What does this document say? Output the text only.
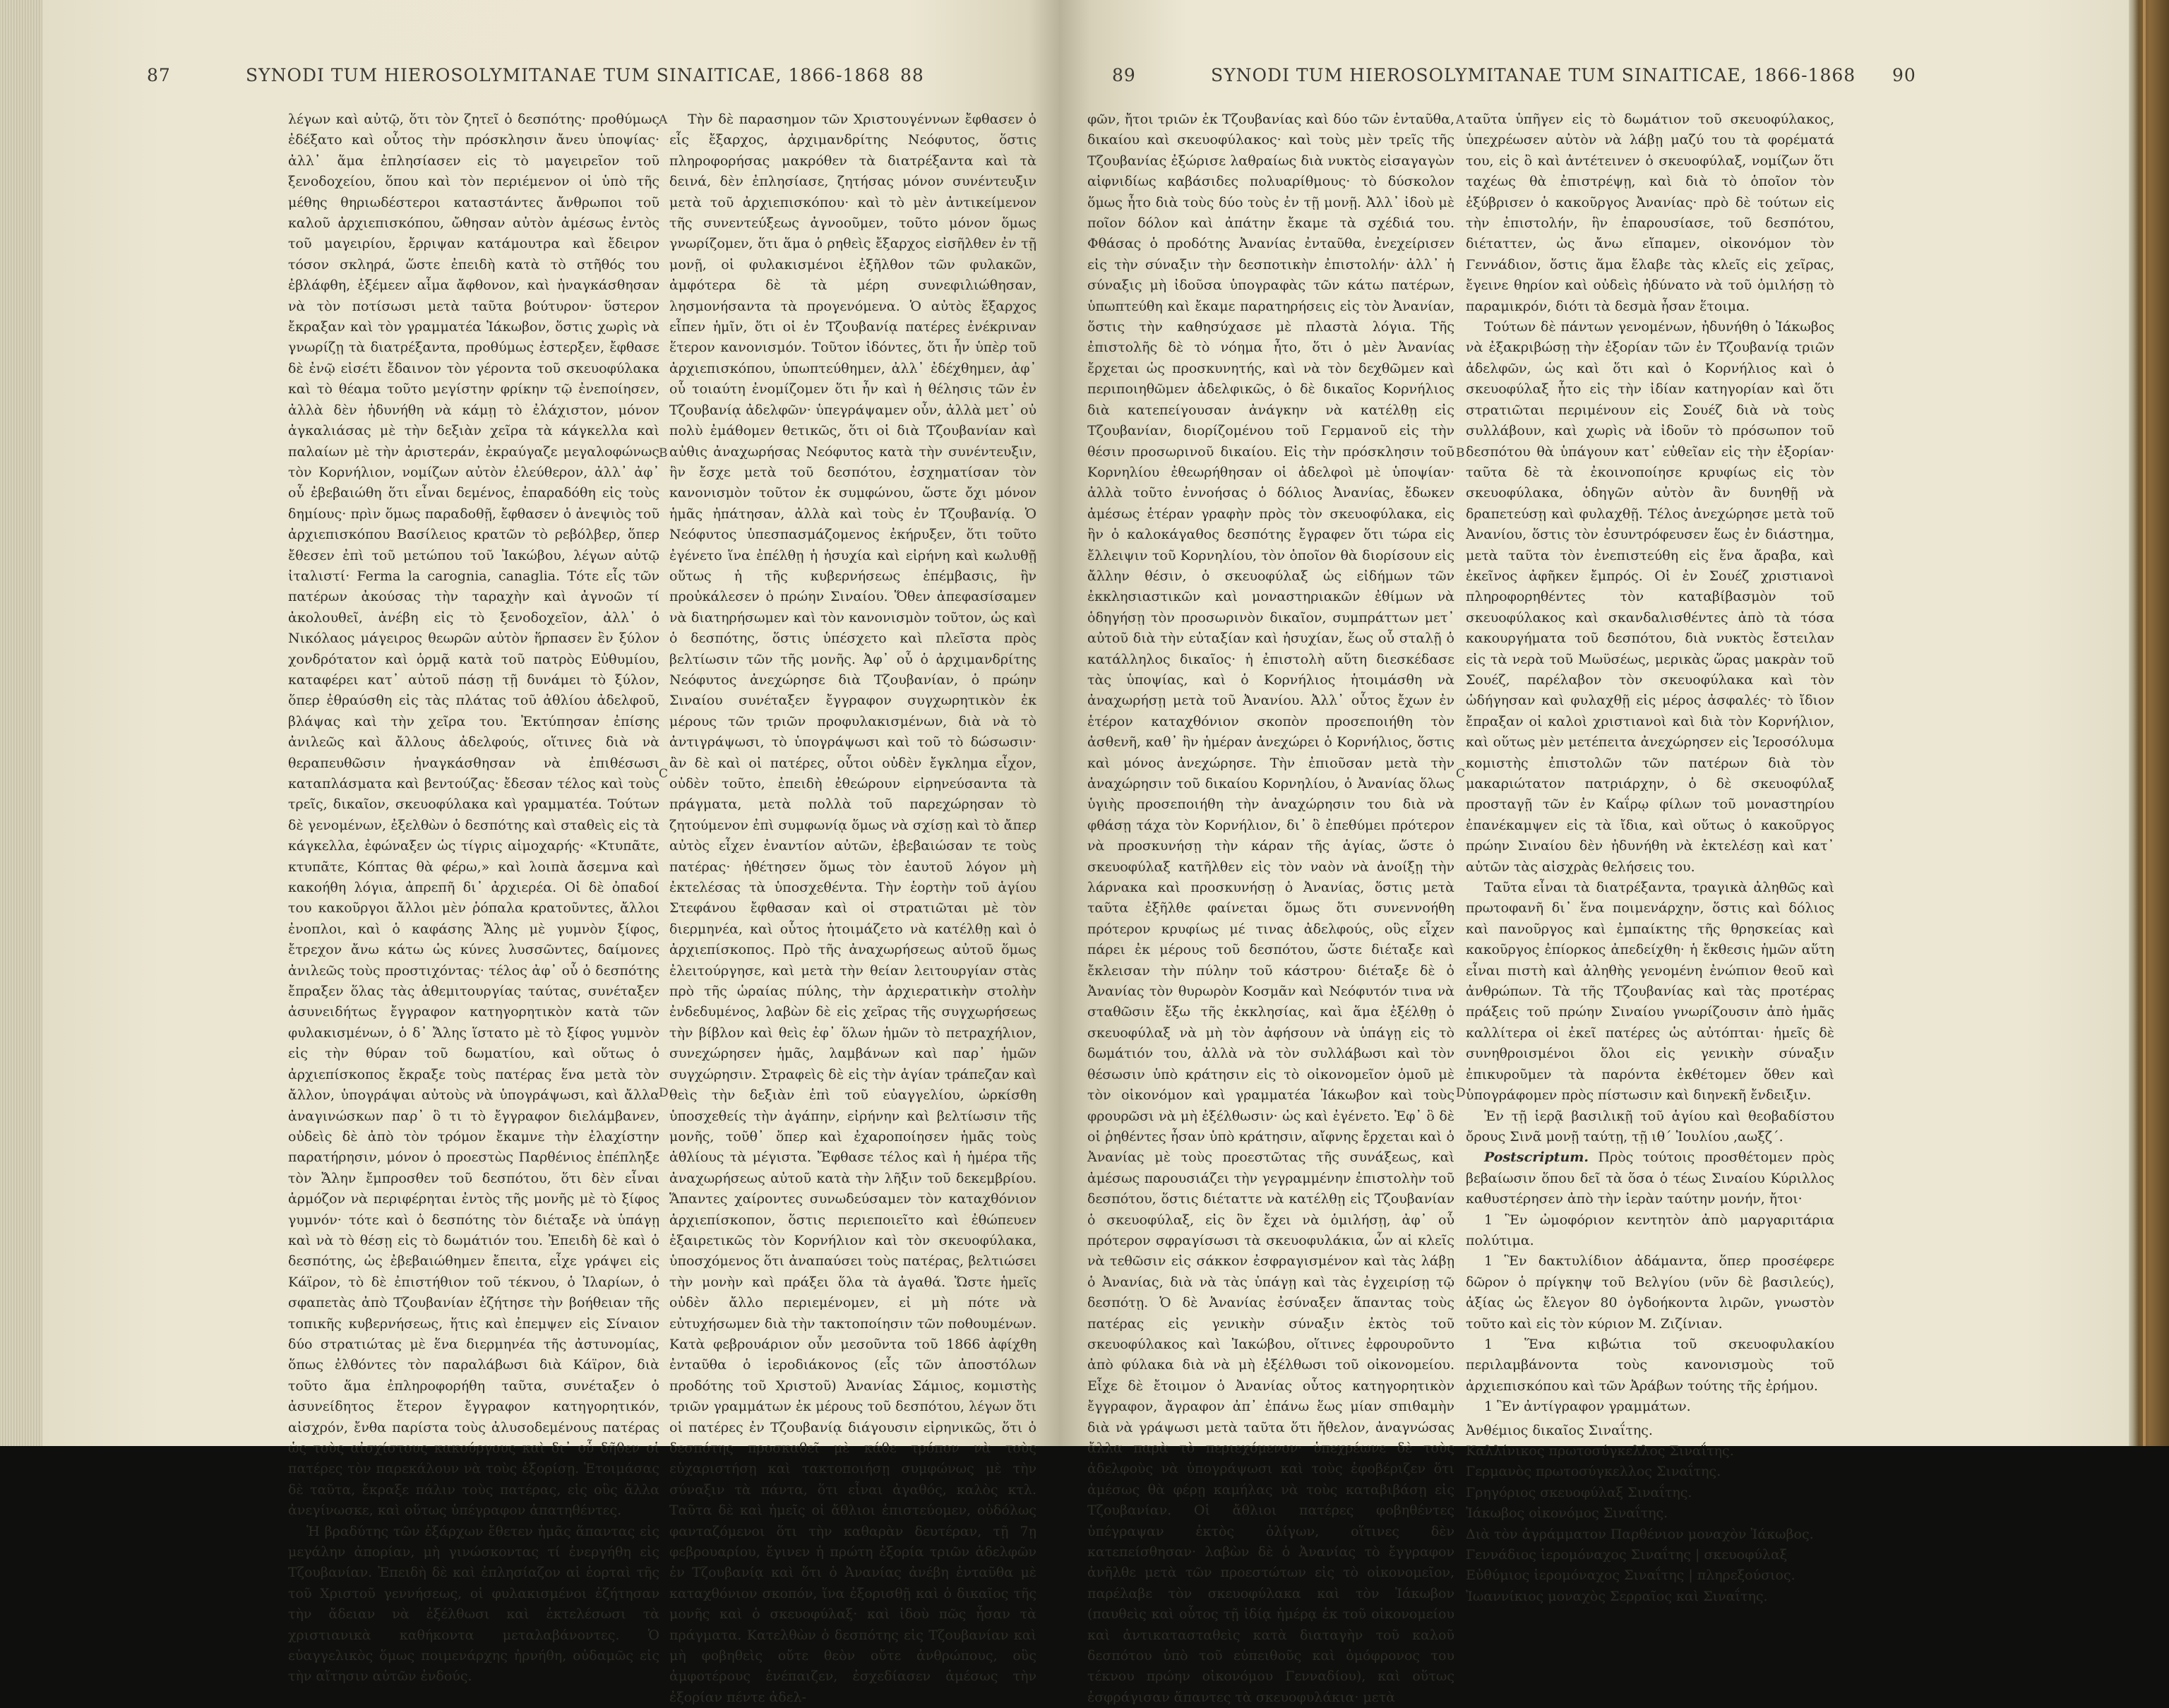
87	SYNODI TUM HIEROSOLYMITANAE TUM SINAITICAE, 1866-1868 88

λέγων καὶ αὐτῷ, ὅτι τὸν ζητεῖ ὁ δεσπότης· προθύμως ἐδέξατο καὶ οὗτος τὴν πρόσκλησιν ἄνευ ὑποψίας· ἀλλ᾽ ἅμα ἐπλησίασεν εἰς τὸ μαγειρεῖον τοῦ ξενοδοχείου, ὅπου καὶ τὸν περιέμενον οἱ ὑπὸ τῆς μέθης θηριωδέστεροι καταστάντες ἄνθρωποι τοῦ καλοῦ ἀρχιεπισκόπου, ὤθησαν αὐτὸν ἀμέσως ἐντὸς τοῦ μαγειρίου, ἔρριψαν κατάμουτρα καὶ ἔδειρον τόσον σκληρά, ὥστε ἐπειδὴ κατὰ τὸ στῆθός του ἐβλάφθη, ἐξέμεεν αἷμα ἄφθονον, καὶ ἠναγκάσθησαν νὰ τὸν ποτίσωσι μετὰ ταῦτα βούτυρον· ὕστερον ἔκραξαν καὶ τὸν γραμματέα Ἰάκωβον, ὅστις χωρὶς νὰ γνωρίζῃ τὰ διατρέξαντα, προθύμως ἐστερξεν, ἔφθασε δὲ ἐνῷ εἰσέτι ἔδαινον τὸν γέροντα τοῦ σκευοφύλακα καὶ τὸ θέαμα τοῦτο μεγίστην φρίκην τῷ ἐνεποίησεν, ἀλλὰ δὲν ἠδυνήθη νὰ κάμῃ τὸ ἐλάχιστον, μόνον ἀγκαλιάσας μὲ τὴν δεξιὰν χεῖρα τὰ κάγκελλα καὶ παλαίων μὲ τὴν ἀριστεράν, ἐκραύγαζε μεγαλοφώνως τὸν Κορνήλιον, νομίζων αὐτὸν ἐλεύθερον, ἀλλ᾽ ἀφ᾽ οὗ ἐβεβαιώθη ὅτι εἶναι δεμένος, ἐπαραδόθη εἰς τοὺς δημίους· πρὶν ὅμως παραδοθῇ, ἔφθασεν ὁ ἀνεψιὸς τοῦ ἀρχιεπισκόπου Βασίλειος κρατῶν τὸ ρεβόλβερ, ὅπερ ἔθεσεν ἐπὶ τοῦ μετώπου τοῦ Ἰακώβου, λέγων αὐτῷ ἰταλιστί· Ferma la carognia, canaglia. Τότε εἷς τῶν πατέρων ἀκούσας τὴν ταραχὴν καὶ ἀγνοῶν τί ἀκολουθεῖ, ἀνέβη εἰς τὸ ξενοδοχεῖον, ἀλλ᾽ ὁ Νικόλαος μάγειρος θεωρῶν αὐτὸν ἥρπασεν ἓν ξύλον χονδρότατον καὶ ὁρμᾷ κατὰ τοῦ πατρὸς Εὐθυμίου, καταφέρει κατ᾽ αὐτοῦ πάσῃ τῇ δυνάμει τὸ ξύλον, ὅπερ ἐθραύσθη εἰς τὰς πλάτας τοῦ ἀθλίου ἀδελφοῦ, βλάψας καὶ τὴν χεῖρα του. Ἐκτύπησαν ἐπίσης ἀνιλεῶς καὶ ἄλλους ἀδελφούς, οἵτινες διὰ νὰ θεραπευθῶσιν ἠναγκάσθησαν νὰ ἐπιθέσωσι καταπλάσματα καὶ βεντούζας· ἔδεσαν τέλος καὶ τοὺς τρεῖς, δικαῖον, σκευοφύλακα καὶ γραμματέα. Τούτων δὲ γενομένων, ἐξελθὼν ὁ δεσπότης καὶ σταθεὶς εἰς τὰ κάγκελλα, ἐφώναξεν ὡς τίγρις αἱμοχαρής· «Κτυπᾶτε, κτυπᾶτε, Κόπτας θὰ φέρω,» καὶ λοιπὰ ἄσεμνα καὶ κακοήθη λόγια, ἀπρεπῆ δι᾽ ἀρχιερέα. Οἱ δὲ ὀπαδοί του κακοῦργοι ἄλλοι μὲν ῥόπαλα κρατοῦντες, ἄλλοι ἐνοπλοι, καὶ ὁ καφάσης Ἄλης μὲ γυμνὸν ξίφος, ἔτρεχον ἄνω κάτω ὡς κύνες λυσσῶντες, δαίμονες ἀνιλεῶς τοὺς προστιχόντας· τέλος ἀφ᾽ οὗ ὁ δεσπότης ἔπραξεν ὅλας τὰς ἀθεμιτουργίας ταύτας, συνέταξεν ἀσυνειδήτως ἔγγραφον κατηγορητικὸν κατὰ τῶν φυλακισμένων, ὁ δ᾽ Ἄλης ἵστατο μὲ τὸ ξίφος γυμνὸν εἰς τὴν θύραν τοῦ δωματίου, καὶ οὕτως ὁ ἀρχιεπίσκοπος ἔκραξε τοὺς πατέρας ἕνα μετὰ τὸν ἄλλον, ὑπογράψαι αὐτοὺς νὰ ὑπογράψωσι, καὶ ἄλλα ἀναγινώσκων παρ᾽ ὃ τι τὸ ἔγγραφον διελάμβανεν, οὐδεὶς δὲ ἀπὸ τὸν τρόμον ἔκαμνε τὴν ἐλαχίστην παρατήρησιν, μόνον ὁ προεστὼς Παρθένιος ἐπέπληξε τὸν Ἄλην ἔμπροσθεν τοῦ δεσπότου, ὅτι δὲν εἶναι ἁρμόζον νὰ περιφέρηται ἐντὸς τῆς μονῆς μὲ τὸ ξίφος γυμνόν· τότε καὶ ὁ δεσπότης τὸν διέταξε νὰ ὑπάγῃ καὶ νὰ τὸ θέσῃ εἰς τὸ δωμάτιόν του. Ἐπειδὴ δὲ καὶ ὁ δεσπότης, ὡς ἐβεβαιώθημεν ἔπειτα, εἶχε γράψει εἰς Κάϊρον, τὸ δὲ ἐπιστήθιον τοῦ τέκνου, ὁ Ἰλαρίων, ὁ σφαπετὰς ἀπὸ Τζουβανίαν ἐζήτησε τὴν βοήθειαν τῆς τοπικῆς κυβερνήσεως, ἥτις καὶ ἐπεμψεν εἰς Σίναιον δύο στρατιώτας μὲ ἕνα διερμηνέα τῆς ἀστυνομίας, ὅπως ἐλθόντες τὸν παραλάβωσι διὰ Κάϊρον, διὰ τοῦτο ἅμα ἐπληροφορήθη ταῦτα, συνέταξεν ὁ ἀσυνείδητος ἕτερον ἔγγραφον κατηγορητικόν, αἰσχρόν, ἔνθα παρίστα τοὺς ἀλυσοδεμένους πατέρας ὡς τοὺς αἰσχίστους κακούργους καὶ δι᾽ οὗ δῆθεν οἱ πατέρες τὸν παρεκάλουν νὰ τοὺς ἐξορίσῃ. Ἑτοιμάσας δὲ ταῦτα, ἔκραξε πάλιν τοὺς πατέρας, εἰς οὓς ἄλλα ἀνεγίνωσκε, καὶ οὕτως ὑπέγραφον ἀπατηθέντες.

Ἡ βραδύτης τῶν ἐξάρχων ἔθετεν ἡμᾶς ἅπαντας εἰς μεγάλην ἀπορίαν, μὴ γινώσκοντας τί ἐνεργήθη εἰς Τζουβανίαν. Ἐπειδὴ δὲ καὶ ἐπλησίαζον αἱ ἑορταὶ τῆς τοῦ Χριστοῦ γεννήσεως, οἱ φυλακισμένοι ἐζήτησαν τὴν ἄδειαν νὰ ἐξέλθωσι καὶ ἐκτελέσωσι τὰ χριστιανικὰ καθήκοντα μεταλαβάνοντες. Ὁ εὐαγγελικὸς ὅμως ποιμενάρχης ἠρνήθη, οὐδαμῶς εἰς τὴν αἴτησιν αὐτῶν ἐνδούς.

A
B
C
D

Τὴν δὲ παρασημον τῶν Χριστουγέννων ἔφθασεν ὁ εἷς ἔξαρχος, ἀρχιμανδρίτης Νεόφυτος, ὅστις πληροφορήσας μακρόθεν τὰ διατρέξαντα καὶ τὰ δεινά, δὲν ἐπλησίασε, ζητήσας μόνον συνέντευξιν μετὰ τοῦ ἀρχιεπισκόπου· καὶ τὸ μὲν ἀντικείμενον τῆς συνεντεύξεως ἀγνοοῦμεν, τοῦτο μόνον ὅμως γνωρίζομεν, ὅτι ἅμα ὁ ρηθεὶς ἔξαρχος εἰσῆλθεν ἐν τῇ μονῇ, οἱ φυλακισμένοι ἐξῆλθον τῶν φυλακῶν, ἀμφότερα δὲ τὰ μέρη συνεφιλιώθησαν, λησμονήσαντα τὰ προγενόμενα. Ὁ αὐτὸς ἔξαρχος εἶπεν ἡμῖν, ὅτι οἱ ἐν Τζουβανίᾳ πατέρες ἐνέκριναν ἕτερον κανονισμόν. Τοῦτον ἰδόντες, ὅτι ἦν ὑπὲρ τοῦ ἀρχιεπισκόπου, ὑπωπτεύθημεν, ἀλλ᾽ ἐδέχθημεν, ἀφ᾽ οὗ τοιαύτη ἐνομίζομεν ὅτι ἦν καὶ ἡ θέλησις τῶν ἐν Τζουβανίᾳ ἀδελφῶν· ὑπεγράψαμεν οὖν, ἀλλὰ μετ᾽ οὐ πολὺ ἐμάθομεν θετικῶς, ὅτι οἱ διὰ Τζουβανίαν καὶ αὐθις ἀναχωρήσας Νεόφυτος κατὰ τὴν συνέντευξιν, ἣν ἔσχε μετὰ τοῦ δεσπότου, ἐσχηματίσαν τὸν κανονισμὸν τοῦτον ἐκ συμφώνου, ὥστε ὄχι μόνον ἡμᾶς ἠπάτησαν, ἀλλὰ καὶ τοὺς ἐν Τζουβανίᾳ. Ὁ Νεόφυτος ὑπεσπασμάζομενος ἐκήρυξεν, ὅτι τοῦτο ἐγένετο ἵνα ἐπέλθῃ ἡ ἡσυχία καὶ εἰρήνη καὶ κωλυθῇ οὕτως ἡ τῆς κυβερνήσεως ἐπέμβασις, ἣν προὐκάλεσεν ὁ πρώην Σιναίου. Ὅθεν ἀπεφασίσαμεν νὰ διατηρήσωμεν καὶ τὸν κανονισμὸν τοῦτον, ὡς καὶ ὁ δεσπότης, ὅστις ὑπέσχετο καὶ πλεῖστα πρὸς βελτίωσιν τῶν τῆς μονῆς. Ἀφ᾽ οὗ ὁ ἀρχιμανδρίτης Νεόφυτος ἀνεχώρησε διὰ Τζουβανίαν, ὁ πρώην Σιναίου συνέταξεν ἔγγραφον συγχωρητικὸν ἐκ μέρους τῶν τριῶν προφυλακισμένων, διὰ νὰ τὸ ἀντιγράψωσι, τὸ ὑπογράψωσι καὶ τοῦ τὸ δώσωσιν· ἂν δὲ καὶ οἱ πατέρες, οὗτοι οὐδὲν ἔγκλημα εἶχον, οὐδὲν τοῦτο, ἐπειδὴ ἐθεώρουν εἰρηνεύσαντα τὰ πράγματα, μετὰ πολλὰ τοῦ παρεχώρησαν τὸ ζητούμενον ἐπὶ συμφωνίᾳ ὅμως νὰ σχίσῃ καὶ τὸ ἄπερ αὐτὸς εἶχεν ἐναντίον αὐτῶν, ἐβεβαιώσαν τε τοὺς πατέρας· ἠθέτησεν ὅμως τὸν ἑαυτοῦ λόγον μὴ ἐκτελέσας τὰ ὑποσχεθέντα. Τὴν ἑορτὴν τοῦ ἁγίου Στεφάνου ἔφθασαν καὶ οἱ στρατιῶται μὲ τὸν διερμηνέα, καὶ οὗτος ἡτοιμάζετο νὰ κατέλθῃ καὶ ὁ ἀρχιεπίσκοπος. Πρὸ τῆς ἀναχωρήσεως αὐτοῦ ὅμως ἐλειτούργησε, καὶ μετὰ τὴν θείαν λειτουργίαν στὰς πρὸ τῆς ὡραίας πύλης, τὴν ἀρχιερατικὴν στολὴν ἐνδεδυμένος, λαβὼν δὲ εἰς χεῖρας τῆς συγχωρήσεως τὴν βίβλον καὶ θεὶς ἐφ᾽ ὅλων ἡμῶν τὸ πετραχήλιον, συνεχώρησεν ἡμᾶς, λαμβάνων καὶ παρ᾽ ἡμῶν συγχώρησιν. Στραφεὶς δὲ εἰς τὴν ἁγίαν τράπεζαν καὶ θεὶς τὴν δεξιὰν ἐπὶ τοῦ εὐαγγελίου, ὡρκίσθη ὑποσχεθείς τὴν ἀγάπην, εἰρήνην καὶ βελτίωσιν τῆς μονῆς, τοῦθ᾽ ὅπερ καὶ ἐχαροποίησεν ἡμᾶς τοὺς ἀθλίους τὰ μέγιστα. Ἔφθασε τέλος καὶ ἡ ἡμέρα τῆς ἀναχωρήσεως αὐτοῦ κατὰ τὴν λῆξιν τοῦ δεκεμβρίου. Ἅπαντες χαίροντες συνωδεύσαμεν τὸν καταχθόνιον ἀρχιεπίσκοπον, ὅστις περιεποιεῖτο καὶ ἐθώπευεν ἐξαιρετικῶς τὸν Κορνήλιον καὶ τὸν σκευοφύλακα, ὑποσχόμενος ὅτι ἀναπαύσει τοὺς πατέρας, βελτιώσει τὴν μονὴν καὶ πράξει ὅλα τὰ ἀγαθά. Ὥστε ἡμεῖς οὐδὲν ἄλλο περιεμένομεν, εἰ μὴ πότε νὰ εὐτυχήσωμεν διὰ τὴν τακτοποίησιν τῶν ποθουμένων. Κατὰ φεβρουάριον οὖν μεσοῦντα τοῦ 1866 ἀφίχθη ἐνταῦθα ὁ ἱεροδιάκονος (εἷς τῶν ἀποστόλων προδότης τοῦ Χριστοῦ) Ἀνανίας Σάμιος, κομιστὴς τριῶν γραμμάτων ἐκ μέρους τοῦ δεσπότου, λέγων ὅτι οἱ πατέρες ἐν Τζουβανίᾳ διάγουσιν εἰρηνικῶς, ὅτι ὁ δεσπότης προσκαθεῖ μὲ κάθε τρόπον νὰ τοὺς εὐχαριστήσῃ καὶ τακτοποιήσῃ συμφώνως μὲ τὴν σύναξιν τὰ πάντα, ὅτι εἶναι ἀγαθός, καλὸς κτλ. Ταῦτα δὲ καὶ ἡμεῖς οἱ ἄθλιοι ἐπιστεύομεν, οὐδόλως φανταζόμενοι ὅτι τὴν καθαρὰν δευτέραν, τῇ 7ῃ φεβρουαρίου, ἔγινεν ἡ πρώτη ἐξορία τριῶν ἀδελφῶν ἐν Τζουβανίᾳ καὶ ὅτι ὁ Ἀνανίας ἀνέβη ἐνταῦθα μὲ καταχθόνιον σκοπόν, ἵνα ἐξορισθῇ καὶ ὁ δικαῖος τῆς μονῆς καὶ ὁ σκευοφύλαξ· καὶ ἰδοὺ πῶς ἦσαν τὰ πράγματα. Κατελθὼν ὁ δεσπότης εἰς Τζουβανίαν καὶ μὴ φοβηθεὶς οὔτε θεὸν οὔτε ἀνθρώπους, οὓς ἀμφοτέρους ἐνέπαιζεν, ἐσχεδίασεν ἀμέσως τὴν ἐξορίαν πέντε ἀδελ-

89	SYNODI TUM HIEROSOLYMITANAE TUM SINAITICAE, 1866-1868 90

φῶν, ἤτοι τριῶν ἐκ Τζουβανίας καὶ δύο τῶν ἐνταῦθα, δικαίου καὶ σκευοφύλακος· καὶ τοὺς μὲν τρεῖς τῆς Τζουβανίας ἐξώρισε λαθραίως διὰ νυκτὸς εἰσαγαγὼν αἰφνιδίως καβάσιδες πολυαρίθμους· τὸ δύσκολον ὅμως ἦτο διὰ τοὺς δύο τοὺς ἐν τῇ μονῇ. Ἀλλ᾽ ἰδοὺ μὲ ποῖον δόλον καὶ ἀπάτην ἔκαμε τὰ σχέδιά του. Φθάσας ὁ προδότης Ἀνανίας ἐνταῦθα, ἐνεχείρισεν εἰς τὴν σύναξιν τὴν δεσποτικὴν ἐπιστολήν· ἀλλ᾽ ἡ σύναξις μὴ ἰδοῦσα ὑπογραφὰς τῶν κάτω πατέρων, ὑπωπτεύθη καὶ ἔκαμε παρατηρήσεις εἰς τὸν Ἀνανίαν, ὅστις τὴν καθησύχασε μὲ πλαστὰ λόγια. Τῆς ἐπιστολῆς δὲ τὸ νόημα ἦτο, ὅτι ὁ μὲν Ἀνανίας ἔρχεται ὡς προσκυνητής, καὶ νὰ τὸν δεχθῶμεν καὶ περιποιηθῶμεν ἀδελφικῶς, ὁ δὲ δικαῖος Κορνήλιος διὰ κατεπείγουσαν ἀνάγκην νὰ κατέλθῃ εἰς Τζουβανίαν, διορίζομένου τοῦ Γερμανοῦ εἰς τὴν θέσιν προσωρινοῦ δικαίου. Εἰς τὴν πρόσκλησιν τοῦ Κορνηλίου ἐθεωρήθησαν οἱ ἀδελφοὶ μὲ ὑποψίαν· ἀλλὰ τοῦτο ἐννοήσας ὁ δόλιος Ἀνανίας, ἔδωκεν ἀμέσως ἑτέραν γραφὴν πρὸς τὸν σκευοφύλακα, εἰς ἣν ὁ καλοκάγαθος δεσπότης ἔγραφεν ὅτι τώρα εἰς ἔλλειψιν τοῦ Κορνηλίου, τὸν ὁποῖον θὰ διορίσουν εἰς ἄλλην θέσιν, ὁ σκευοφύλαξ ὡς εἰδήμων τῶν ἐκκλησιαστικῶν καὶ μοναστηριακῶν ἐθίμων νὰ ὁδηγήσῃ τὸν προσωρινὸν δικαῖον, συμπράττων μετ᾽ αὐτοῦ διὰ τὴν εὐταξίαν καὶ ἡσυχίαν, ἕως οὗ σταλῇ ὁ κατάλληλος δικαῖος· ἡ ἐπιστολὴ αὕτη διεσκέδασε τὰς ὑποψίας, καὶ ὁ Κορνήλιος ἡτοιμάσθη νὰ ἀναχωρήσῃ μετὰ τοῦ Ἀνανίου. Ἀλλ᾽ οὗτος ἔχων ἐν ἑτέρον καταχθόνιον σκοπὸν προσεποιήθη τὸν ἀσθενῆ, καθ᾽ ἣν ἡμέραν ἀνεχώρει ὁ Κορνήλιος, ὅστις καὶ μόνος ἀνεχώρησε. Τὴν ἐπιοῦσαν μετὰ τὴν ἀναχώρησιν τοῦ δικαίου Κορνηλίου, ὁ Ἀνανίας ὅλως ὑγιὴς προσεποιήθη τὴν ἀναχώρησιν του διὰ νὰ φθάσῃ τάχα τὸν Κορνήλιον, δι᾽ ὃ ἐπεθύμει πρότερον νὰ προσκυνήσῃ τὴν κάραν τῆς ἁγίας, ὥστε ὁ σκευοφύλαξ κατῆλθεν εἰς τὸν ναὸν νὰ ἀνοίξῃ τὴν λάρνακα καὶ προσκυνήσῃ ὁ Ἀνανίας, ὅστις μετὰ ταῦτα ἐξῆλθε φαίνεται ὅμως ὅτι συνεννοήθη πρότερον κρυφίως μέ τινας ἀδελφούς, οὓς εἶχεν πάρει ἐκ μέρους τοῦ δεσπότου, ὥστε διέταξε καὶ ἔκλεισαν τὴν πύλην τοῦ κάστρου· διέταξε δὲ ὁ Ἀνανίας τὸν θυρωρὸν Κοσμᾶν καὶ Νεόφυτόν τινα νὰ σταθῶσιν ἔξω τῆς ἐκκλησίας, καὶ ἅμα ἐξέλθῃ ὁ σκευοφύλαξ νὰ μὴ τὸν ἀφήσουν νὰ ὑπάγῃ εἰς τὸ δωμάτιόν του, ἀλλὰ νὰ τὸν συλλάβωσι καὶ τὸν θέσωσιν ὑπὸ κράτησιν εἰς τὸ οἰκονομεῖον ὁμοῦ μὲ τὸν οἰκονόμον καὶ γραμματέα Ἰάκωβον καὶ τοὺς φρουρῶσι νὰ μὴ ἐξέλθωσιν· ὡς καὶ ἐγένετο. Ἐφ᾽ ὃ δὲ οἱ ῥηθέντες ἦσαν ὑπὸ κράτησιν, αἴφνης ἔρχεται καὶ ὁ Ἀνανίας μὲ τοὺς προεστῶτας τῆς συνάξεως, καὶ ἀμέσως παρουσιάζει τὴν γεγραμμένην ἐπιστολὴν τοῦ δεσπότου, ὅστις διέταττε νὰ κατέλθῃ εἰς Τζουβανίαν ὁ σκευοφύλαξ, εἰς ὃν ἔχει νὰ ὁμιλήσῃ, ἀφ᾽ οὗ πρότερον σφραγίσωσι τὰ σκευοφυλάκια, ὧν αἱ κλεῖς νὰ τεθῶσιν εἰς σάκκον ἐσφραγισμένον καὶ τὰς λάβῃ ὁ Ἀνανίας, διὰ νὰ τὰς ὑπάγῃ καὶ τὰς ἐγχειρίσῃ τῷ δεσπότῃ. Ὁ δὲ Ἀνανίας ἐσύναξεν ἅπαντας τοὺς πατέρας εἰς γενικὴν σύναξιν ἐκτὸς τοῦ σκευοφύλακος καὶ Ἰακώβου, οἵτινες ἐφρουροῦντο ἀπὸ φύλακα διὰ νὰ μὴ ἐξέλθωσι τοῦ οἰκονομείου. Εἶχε δὲ ἔτοιμον ὁ Ἀνανίας οὗτος κατηγορητικὸν ἔγγραφον, ἄγραφον ἀπ᾽ ἐπάνω ἕως μίαν σπιθαμὴν διὰ νὰ γράψωσι μετὰ ταῦτα ὅτι ἤθελον, ἀναγνώσας ἄλλα παρὰ τὸ περιεχόμενον· ὑπεχρέωνε δὲ τοὺς ἀδελφοὺς νὰ ὑπογράψωσι καὶ τοὺς ἐφοβέριζεν ὅτι ἀμέσως θὰ φέρῃ καμήλας νὰ τοὺς καταβιβάσῃ εἰς Τζουβανίαν. Οἱ ἄθλιοι πατέρες φοβηθέντες ὑπέγραψαν ἐκτὸς ὀλίγων, οἵτινες δὲν κατεπείσθησαν· λαβὼν δὲ ὁ Ἀνανίας τὸ ἔγγραφον ἀνῆλθε μετὰ τῶν προεστώτων εἰς τὸ οἰκονομεῖον, παρέλαβε τὸν σκευοφύλακα καὶ τὸν Ἰάκωβον (παυθεὶς καὶ οὗτος τῇ ἰδίᾳ ἡμέρᾳ ἐκ τοῦ οἰκονομείου καὶ ἀντικατασταθεὶς κατὰ διαταγὴν τοῦ καλοῦ δεσπότου ὑπὸ τοῦ εὐπειθοῦς καὶ ὁμόφρονος του τέκνου πρώην οἰκονόμου Γενναδίου), καὶ οὕτως ἐσφράγισαν ἅπαντες τὰ σκευοφυλάκια· μετὰ

A
B
C
D

ταῦτα ὑπῆγεν εἰς τὸ δωμάτιον τοῦ σκευοφύλακος, ὑπεχρέωσεν αὐτὸν νὰ λάβῃ μαζύ του τὰ φορέματά του, εἰς ὃ καὶ ἀντέτεινεν ὁ σκευοφύλαξ, νομίζων ὅτι ταχέως θὰ ἐπιστρέψῃ, καὶ διὰ τὸ ὁποῖον τὸν ἐξύβρισεν ὁ κακοῦργος Ἀνανίας· πρὸ δὲ τούτων εἰς τὴν ἐπιστολήν, ἣν ἐπαρουσίασε, τοῦ δεσπότου, διέταττεν, ὡς ἄνω εἴπαμεν, οἰκονόμον τὸν Γεννάδιον, ὅστις ἅμα ἔλαβε τὰς κλεῖς εἰς χεῖρας, ἔγεινε θηρίον καὶ οὐδεὶς ἠδύνατο νὰ τοῦ ὁμιλήσῃ τὸ παραμικρόν, διότι τὰ δεσμὰ ἦσαν ἕτοιμα.

Τούτων δὲ πάντων γενομένων, ἠδυνήθη ὁ Ἰάκωβος νὰ ἐξακριβώσῃ τὴν ἐξορίαν τῶν ἐν Τζουβανίᾳ τριῶν ἀδελφῶν, ὡς καὶ ὅτι καὶ ὁ Κορνήλιος καὶ ὁ σκευοφύλαξ ἦτο εἰς τὴν ἰδίαν κατηγορίαν καὶ ὅτι στρατιῶται περιμένουν εἰς Σουέζ διὰ νὰ τοὺς συλλάβουν, καὶ χωρὶς νὰ ἰδοῦν τὸ πρόσωπον τοῦ δεσπότου θὰ ὑπάγουν κατ᾽ εὐθεῖαν εἰς τὴν ἐξορίαν· ταῦτα δὲ τὰ ἐκοινοποίησε κρυφίως εἰς τὸν σκευοφύλακα, ὁδηγῶν αὐτὸν ἂν δυνηθῇ νὰ δραπετεύσῃ καὶ φυλαχθῇ. Τέλος ἀνεχώρησε μετὰ τοῦ Ἀνανίου, ὅστις τὸν ἐσυντρόφευσεν ἕως ἐν διάστημα, μετὰ ταῦτα τὸν ἐνεπιστεύθη εἰς ἕνα ἄραβα, καὶ ἐκεῖνος ἀφῆκεν ἔμπρός. Οἱ ἐν Σουέζ χριστιανοὶ πληροφορηθέντες τὸν καταβίβασμὸν τοῦ σκευοφύλακος καὶ σκανδαλισθέντες ἀπὸ τὰ τόσα κακουργήματα τοῦ δεσπότου, διὰ νυκτὸς ἔστειλαν εἰς τὰ νερὰ τοῦ Μωϋσέως, μερικὰς ὥρας μακρὰν τοῦ Σουέζ, παρέλαβον τὸν σκευοφύλακα καὶ τὸν ὡδήγησαν καὶ φυλαχθῇ εἰς μέρος ἀσφαλές· τὸ ἴδιον ἔπραξαν οἱ καλοὶ χριστιανοὶ καὶ διὰ τὸν Κορνήλιον, καὶ οὕτως μὲν μετέπειτα ἀνεχώρησεν εἰς Ἱεροσόλυμα κομιστὴς ἐπιστολῶν τῶν πατέρων διὰ τὸν μακαριώτατον πατριάρχην, ὁ δὲ σκευοφύλαξ προσταγῇ τῶν ἐν Καΐρῳ φίλων τοῦ μοναστηρίου ἐπανέκαμψεν εἰς τὰ ἴδια, καὶ οὕτως ὁ κακοῦργος πρώην Σιναίου δὲν ἠδυνήθη νὰ ἐκτελέσῃ καὶ κατ᾽ αὐτῶν τὰς αἰσχρὰς θελήσεις του.

Ταῦτα εἶναι τὰ διατρέξαντα, τραγικὰ ἀληθῶς καὶ πρωτοφανῆ δι᾽ ἕνα ποιμενάρχην, ὅστις καὶ δόλιος καὶ πανοῦργος καὶ ἐμπαίκτης τῆς θρησκείας καὶ κακοῦργος ἐπίορκος ἀπεδείχθη· ἡ ἔκθεσις ἡμῶν αὕτη εἶναι πιστὴ καὶ ἀληθὴς γενομένη ἐνώπιον θεοῦ καὶ ἀνθρώπων. Τὰ τῆς Τζουβανίας καὶ τὰς προτέρας πράξεις τοῦ πρώην Σιναίου γνωρίζουσιν ἀπὸ ἡμᾶς καλλίτερα οἱ ἐκεῖ πατέρες ὡς αὐτόπται· ἡμεῖς δὲ συνηθροισμένοι ὅλοι εἰς γενικὴν σύναξιν ἐπικυροῦμεν τὰ παρόντα ἐκθέτομεν ὅθεν καὶ ὑπογράφομεν πρὸς πίστωσιν καὶ διηνεκῆ ἔνδειξιν.

Ἐν τῇ ἱερᾷ βασιλικῇ τοῦ ἁγίου καὶ θεοβαδίστου ὄρους Σινᾶ μονῇ ταύτῃ, τῇ ιθ´ Ἰουλίου ,αωξζ´.

Postscriptum. Πρὸς τούτοις προσθέτομεν πρὸς βεβαίωσιν ὅπου δεῖ τὰ ὅσα ὁ τέως Σιναίου Κύριλλος καθυστέρησεν ἀπὸ τὴν ἱερὰν ταύτην μονήν, ἤτοι·

1 Ἓν ὠμοφόριον κεντητὸν ἀπὸ μαργαριτάρια πολύτιμα.

1 Ἓν δακτυλίδιον ἀδάμαντα, ὅπερ προσέφερε δῶρον ὁ πρίγκηψ τοῦ Βελγίου (νῦν δὲ βασιλεύς), ἀξίας ὡς ἔλεγον 80 ὀγδοήκοντα λιρῶν, γνωστὸν τοῦτο καὶ εἰς τὸν κύριον Μ. Ζιζίνιαν.

1 Ἕνα κιβώτια τοῦ σκευοφυλακίου περιλαμβάνοντα τοὺς κανονισμοὺς τοῦ ἀρχιεπισκόπου καὶ τῶν Ἀράβων τούτης τῆς ἐρήμου.

1 Ἓν ἀντίγραφον γραμμάτων.

Ἀνθέμιος δικαῖος Σιναΐτης.
Καλλίνικος πρωτοσύγκελλος Σιναΐτης.
Γερμανὸς πρωτοσύγκελλος Σιναΐτης.
Γρηγόριος σκευοφύλαξ Σιναΐτης.
Ἰάκωβος οἰκονόμος Σιναΐτης.
Διὰ τὸν ἀγράμματον Παρθένιον μοναχὸν Ἰάκωβος.
Γεννάδιος ἱερομόναχος Σιναΐτης | σκευοφύλαξ
Εὐθύμιος ἱερομόναχος Σιναΐτης | πληρεξούσιος.
Ἰωαννίκιος μοναχὸς Σερραῖος καὶ Σιναΐτης.
